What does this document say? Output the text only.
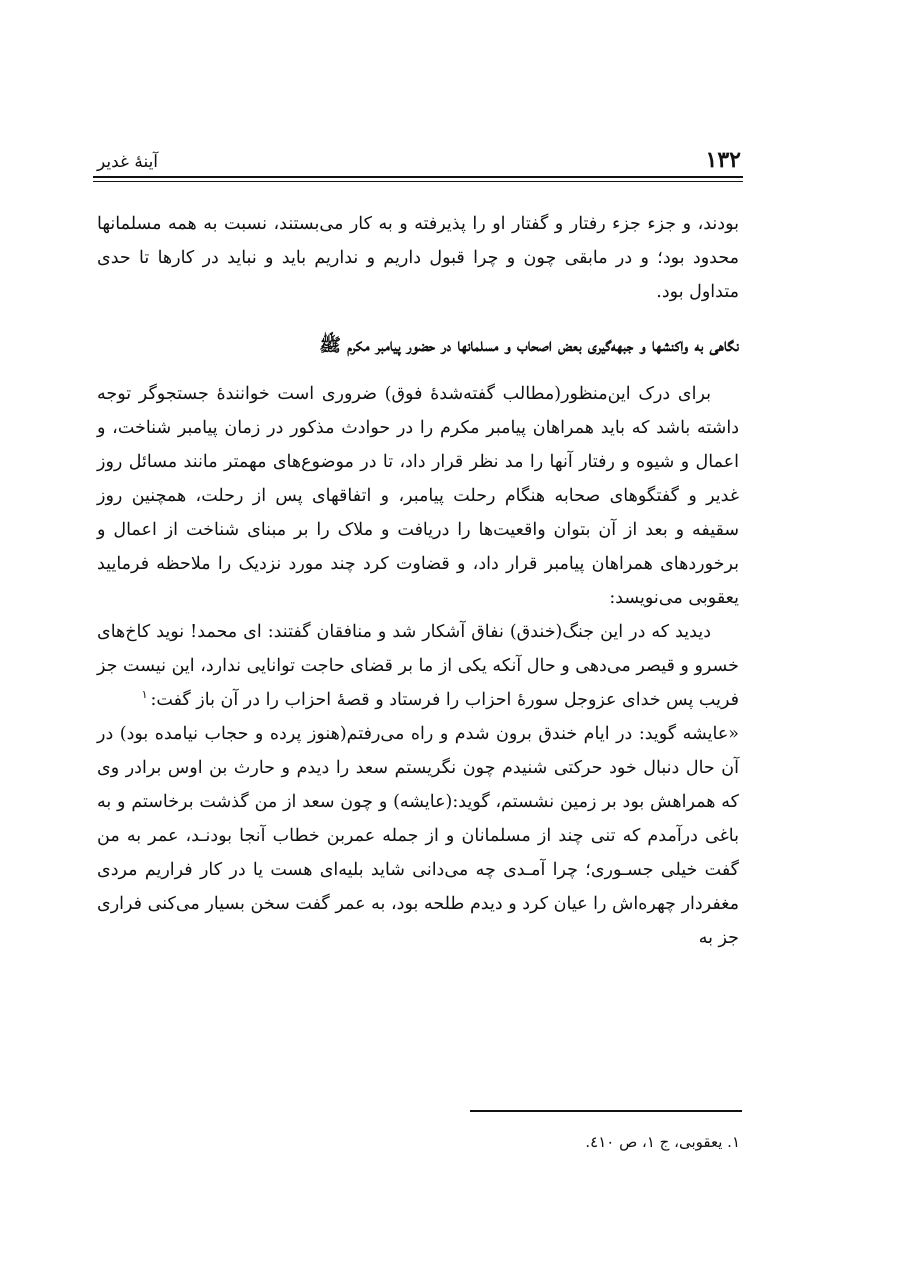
١٣٢
آینهٔ غدیر

بودند، و جزء جزء رفتار و گفتار او را پذیرفته و به کار می‌بستند، نسبت به همه مسلمانها محدود بود؛ و در مابقی چون و چرا قبول داریم و نداریم باید و نباید در کارها تا حدی متداول بود.

نگاهی به واکنشها و جبهه‌گیری بعض اصحاب و مسلمانها در حضور پیامبر مکرم ﷺ

برای درک این‌منظور(مطالب گفته‌شدهٔ فوق) ضروری است خوانندهٔ جستجوگر توجه داشته باشد که باید همراهان پیامبر مکرم را در حوادث مذکور در زمان پیامبر شناخت، و اعمال و شیوه و رفتار آنها را مد نظر قرار داد، تا در موضوع‌های مهمتر مانند مسائل روز غدیر و گفتگوهای صحابه هنگام رحلت پیامبر، و اتفاقهای پس از رحلت، همچنین روز سقیفه و بعد از آن بتوان واقعیت‌ها را دریافت و ملاک را بر مبنای شناخت از اعمال و برخوردهای همراهان پیامبر قرار داد، و قضاوت کرد چند مورد نزدیک را ملاحظه فرمایید یعقوبی می‌نویسد:

دیدید که در این جنگ(خندق) نفاق آشکار شد و منافقان گفتند: ای محمد! نوید کاخ‌های خسرو و قیصر می‌دهی و حال آنکه یکی از ما بر قضای حاجت توانایی ندارد، این نیست جز فریب پس خدای عزوجل سورهٔ احزاب را فرستاد و قصهٔ احزاب را در آن باز گفت:$^١$

«عایشه گوید: در ایام خندق برون شدم و راه می‌رفتم(هنوز پرده و حجاب نیامده بود) در آن حال دنبال خود حرکتی شنیدم چون نگریستم سعد را دیدم و حارث بن اوس برادر وی که همراهش بود بر زمین نشستم، گوید:(عایشه) و چون سعد از من گذشت برخاستم و به باغی درآمدم که تنی چند از مسلمانان و از جمله عمربن خطاب آنجا بودنـد، عمر به من گفت خیلی جسـوری؛ چرا آمـدی چه می‌دانی شاید بلیه‌ای هست یا در کار فراریم مردی مغفردار چهره‌اش را عیان کرد و دیدم طلحه بود، به عمر گفت سخن بسیار می‌کنی فراری جز به

١. یعقوبی، ج ١، ص ٤١٠.
